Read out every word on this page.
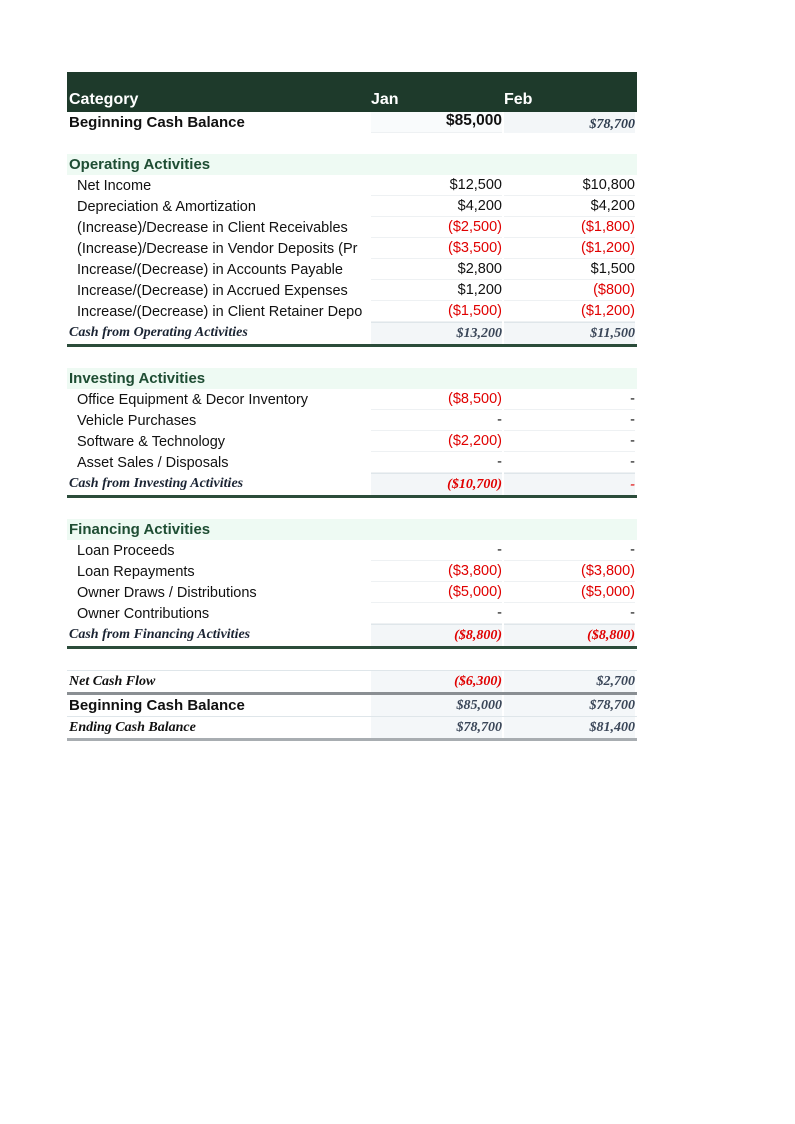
Category	Jan	Feb
Beginning Cash Balance	$85,000	$78,700
Operating Activities
Net Income	$12,500	$10,800
Depreciation & Amortization	$4,200	$4,200
(Increase)/Decrease in Client Receivables	($2,500)	($1,800)
(Increase)/Decrease in Vendor Deposits (Pr	($3,500)	($1,200)
Increase/(Decrease) in Accounts Payable	$2,800	$1,500
Increase/(Decrease) in Accrued Expenses	$1,200	($800)
Increase/(Decrease) in Client Retainer Depo	($1,500)	($1,200)
Cash from Operating Activities	$13,200	$11,500
Investing Activities
Office Equipment & Decor Inventory	($8,500)	-
Vehicle Purchases	-	-
Software & Technology	($2,200)	-
Asset Sales / Disposals	-	-
Cash from Investing Activities	($10,700)	-
Financing Activities
Loan Proceeds	-	-
Loan Repayments	($3,800)	($3,800)
Owner Draws / Distributions	($5,000)	($5,000)
Owner Contributions	-	-
Cash from Financing Activities	($8,800)	($8,800)
Net Cash Flow	($6,300)	$2,700
Beginning Cash Balance	$85,000	$78,700
Ending Cash Balance	$78,700	$81,400
